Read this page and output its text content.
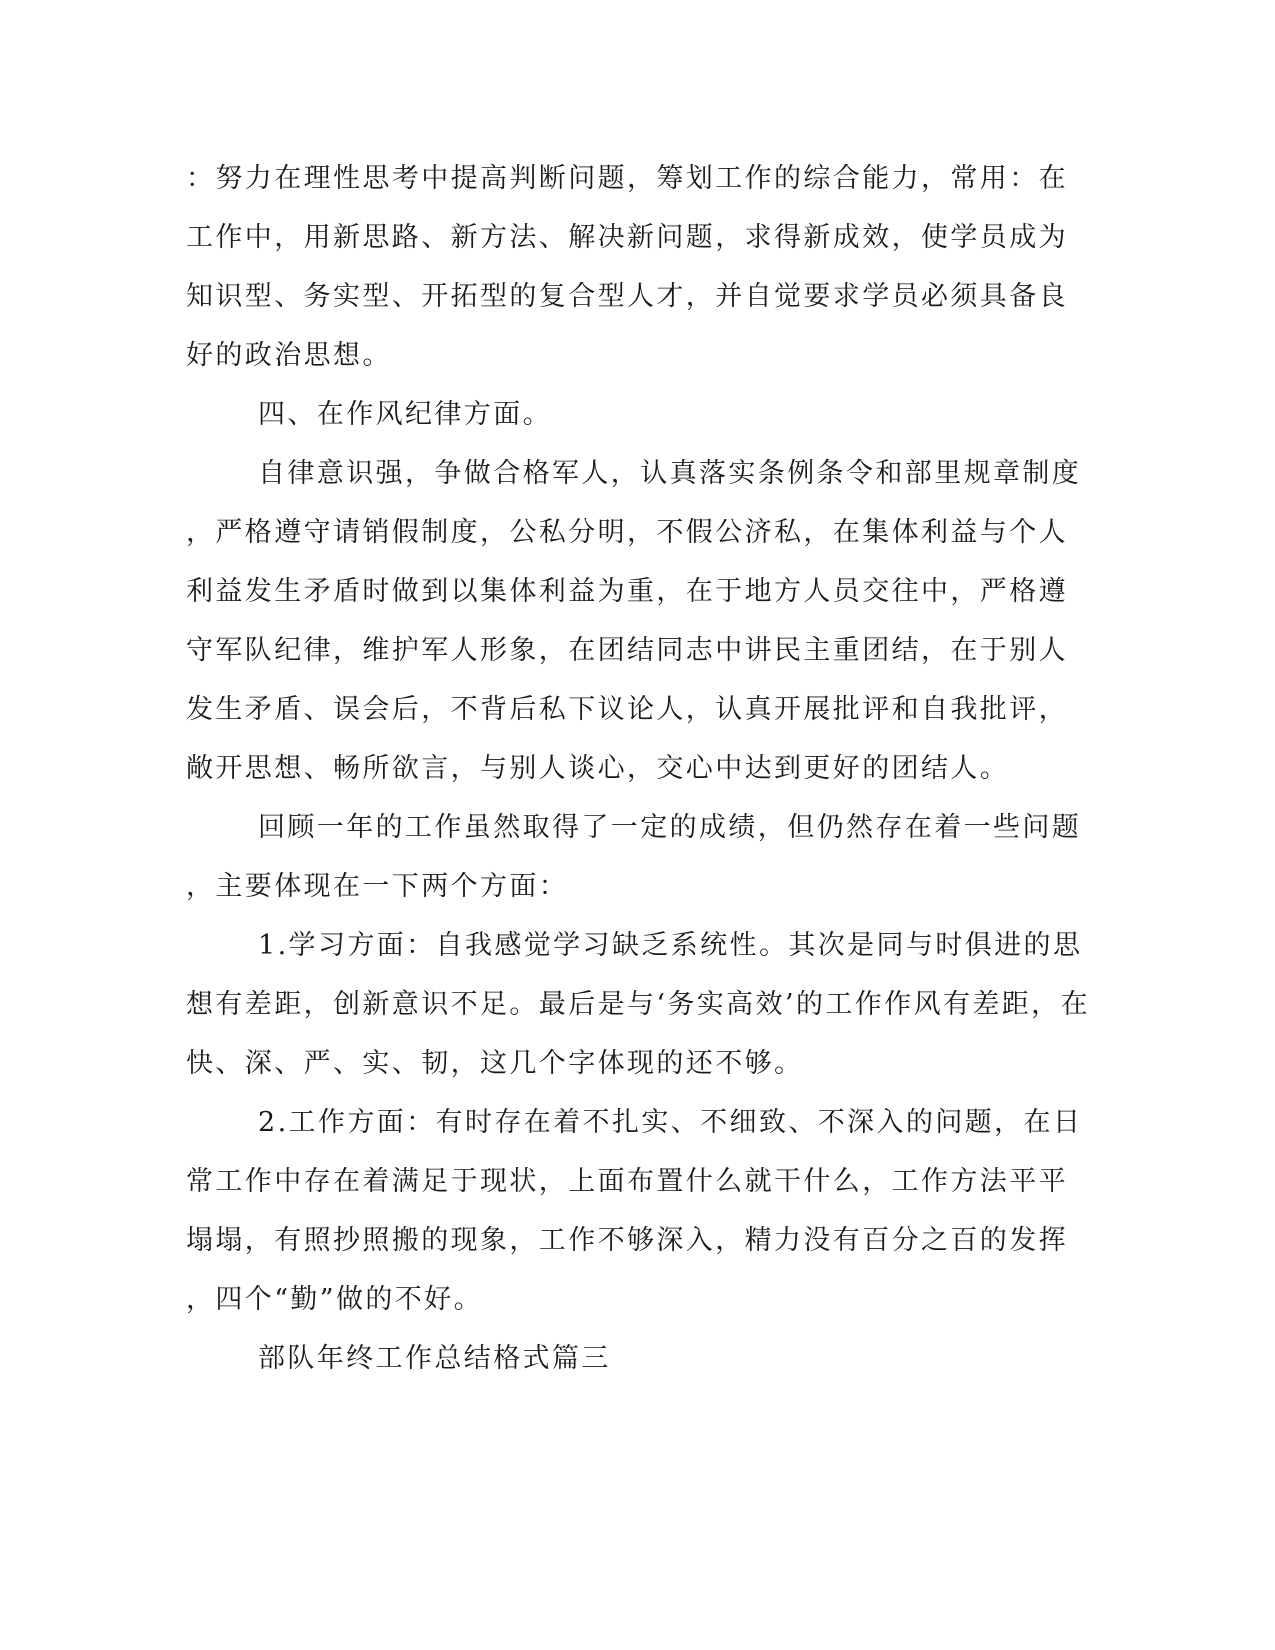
：努力在理性思考中提高判断问题，筹划工作的综合能力，常用：在
工作中，用新思路、新方法、解决新问题，求得新成效，使学员成为
知识型、务实型、开拓型的复合型人才，并自觉要求学员必须具备良
好的政治思想。
四、在作风纪律方面。
自律意识强，争做合格军人，认真落实条例条令和部里规章制度
，严格遵守请销假制度，公私分明，不假公济私，在集体利益与个人
利益发生矛盾时做到以集体利益为重，在于地方人员交往中，严格遵
守军队纪律，维护军人形象，在团结同志中讲民主重团结，在于别人
发生矛盾、误会后，不背后私下议论人，认真开展批评和自我批评，
敞开思想、畅所欲言，与别人谈心，交心中达到更好的团结人。
回顾一年的工作虽然取得了一定的成绩，但仍然存在着一些问题
，主要体现在一下两个方面：
1.学习方面：自我感觉学习缺乏系统性。其次是同与时俱进的思
想有差距，创新意识不足。最后是与‘务实高效’的工作作风有差距，在
快、深、严、实、韧，这几个字体现的还不够。
2.工作方面：有时存在着不扎实、不细致、不深入的问题，在日
常工作中存在着满足于现状，上面布置什么就干什么，工作方法平平
塌塌，有照抄照搬的现象，工作不够深入，精力没有百分之百的发挥
，四个“勤”做的不好。
部队年终工作总结格式篇三
